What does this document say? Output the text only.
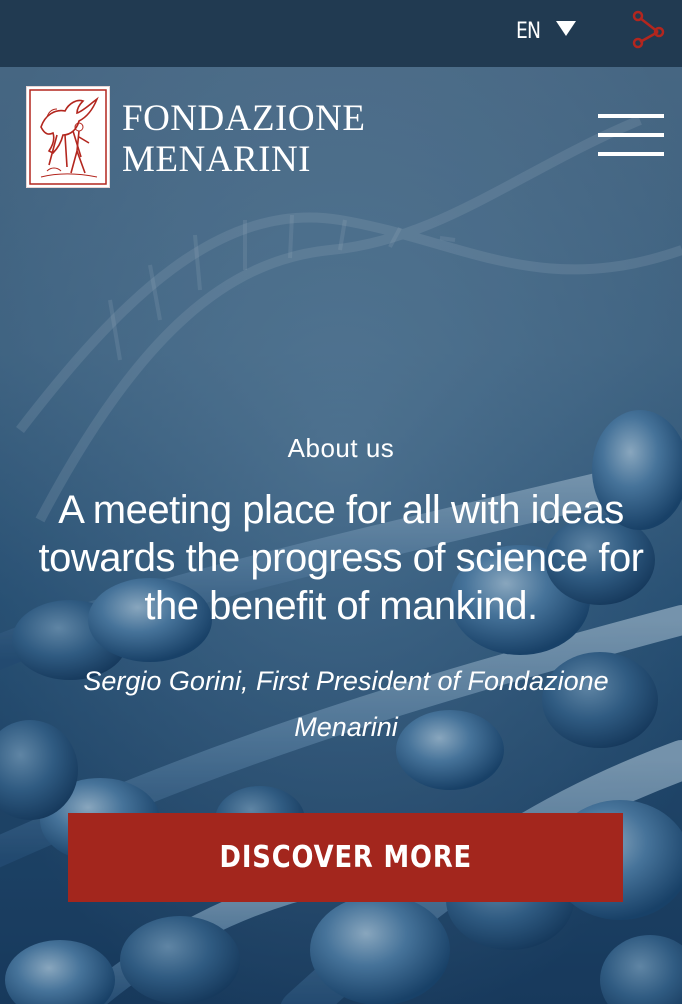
EN
FONDAZIONE
MENARINI
About us
A meeting place for all with ideas towards the progress of science for the benefit of mankind.
Sergio Gorini, First President of Fondazione Menarini
DISCOVER MORE
